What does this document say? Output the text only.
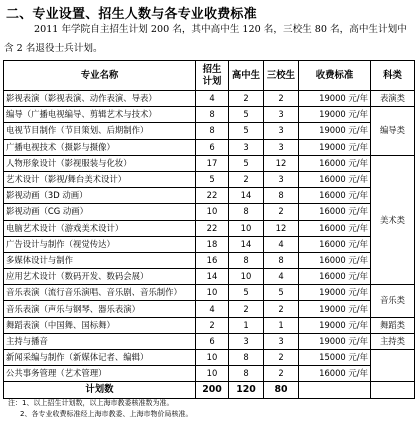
二、专业设置、招生人数与各专业收费标准
2011 年学院自主招生计划 200 名，其中高中生 120 名，三校生 80 名，高中生计划中含 2 名退役士兵计划。
专业名称	招生计划	高中生	三校生	收费标准	科类
影视表演（影视表演、动作表演、导表）	4	2	2	19000 元/年	表演类
编导（广播电视编导、剪辑艺术与技术）	8	5	3	19000 元/年	编导类
电视节目制作（节目策划、后期制作）	8	5	3	19000 元/年	
广播电视技术（摄影与摄像）	6	3	3	19000 元/年	
人物形象设计（影视服装与化妆）	17	5	12	16000 元/年	美术类
艺术设计（影视/舞台美术设计）	5	2	3	16000 元/年	
影视动画（3D 动画）	22	14	8	16000 元/年	
影视动画（CG 动画）	10	8	2	16000 元/年	
电脑艺术设计（游戏美术设计）	22	10	12	16000 元/年	
广告设计与制作（视觉传达）	18	14	4	16000 元/年	
多媒体设计与制作	16	8	8	16000 元/年	
应用艺术设计（数码开发、数码会展）	14	10	4	16000 元/年	
音乐表演（流行音乐演唱、音乐剧、音乐制作）	10	5	5	19000 元/年	音乐类
音乐表演（声乐与钢琴、器乐表演）	4	2	2	19000 元/年	
舞蹈表演（中国舞、国标舞）	2	1	1	19000 元/年	舞蹈类
主持与播音	6	3	3	19000 元/年	主持类
新闻采编与制作（新媒体记者、编辑）	10	8	2	15000 元/年	
公共事务管理（艺术管理）	10	8	2	16000 元/年	
计划数	200	120	80		
注：1、以上招生计划数，以上海市教委核准数为准。
2、各专业收费标准经上海市教委、上海市物价局核准。
